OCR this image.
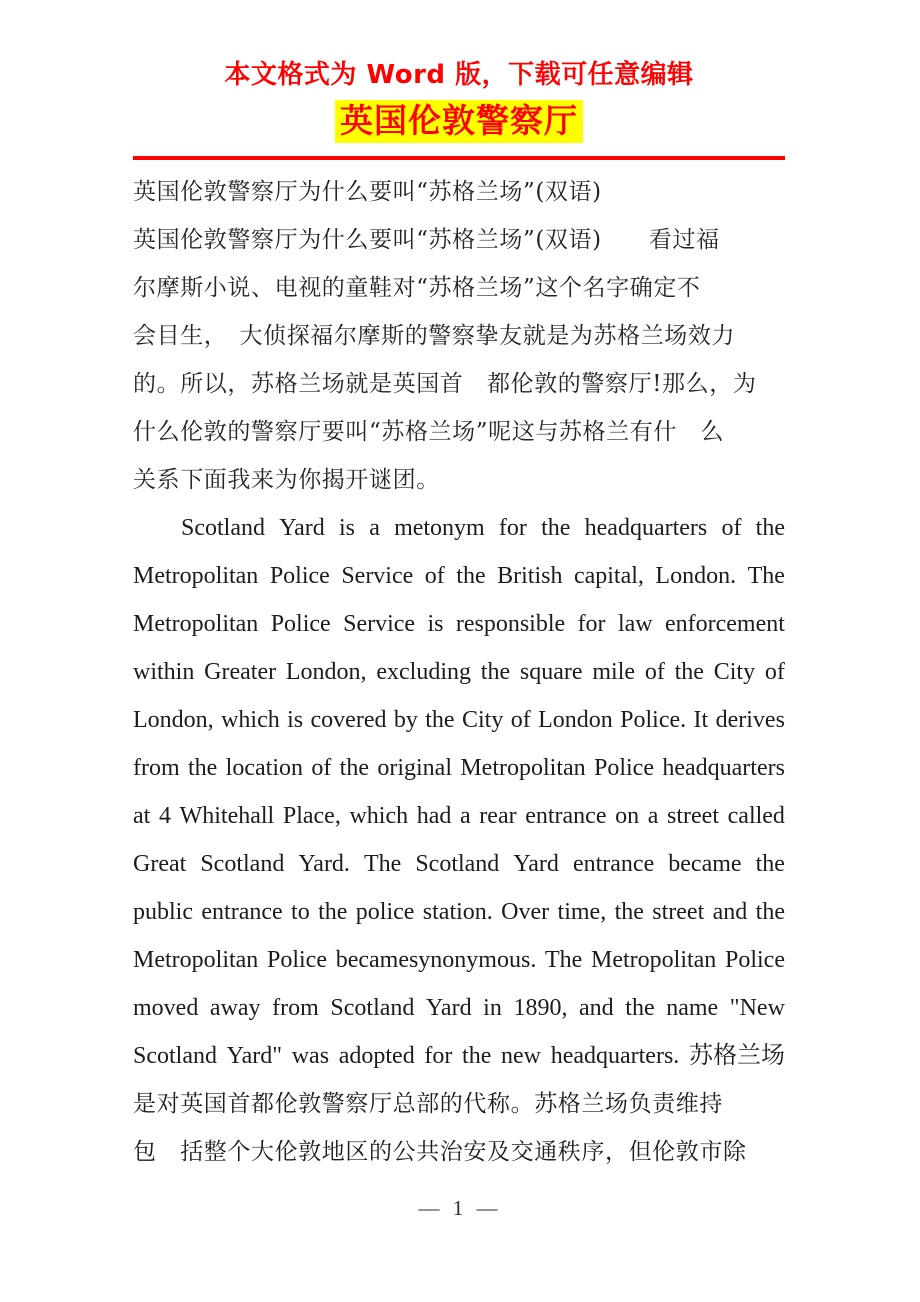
本文格式为 Word 版，下载可任意编辑
英国伦敦警察厅

英国伦敦警察厅为什么要叫“苏格兰场”(双语)
英国伦敦警察厅为什么要叫“苏格兰场”(双语)　　看过福
尔摩斯小说、电视的童鞋对“苏格兰场”这个名字确定不
会目生，　大侦探福尔摩斯的警察挚友就是为苏格兰场效力
的。所以，苏格兰场就是英国首　都伦敦的警察厅!那么，为
什么伦敦的警察厅要叫“苏格兰场”呢这与苏格兰有什　么
关系下面我来为你揭开谜团。

Scotland Yard is a metonym for the headquarters of the
Metropolitan Police Service of the British capital, London. The
Metropolitan Police Service is responsible for law enforcement
within Greater London, excluding the square mile of the City of
London, which is covered by the City of London Police. It derives
from the location of the original Metropolitan Police headquarters
at 4 Whitehall Place, which had a rear entrance on a street called
Great Scotland Yard. The Scotland Yard entrance became the
public entrance to the police station. Over time, the street and the
Metropolitan Police becamesynonymous. The Metropolitan Police
moved away from Scotland Yard in 1890, and the name "New
Scotland Yard" was adopted for the new headquarters. 苏格兰场
是对英国首都伦敦警察厅总部的代称。苏格兰场负责维持
包　括整个大伦敦地区的公共治安及交通秩序，但伦敦市除
— 1 —
